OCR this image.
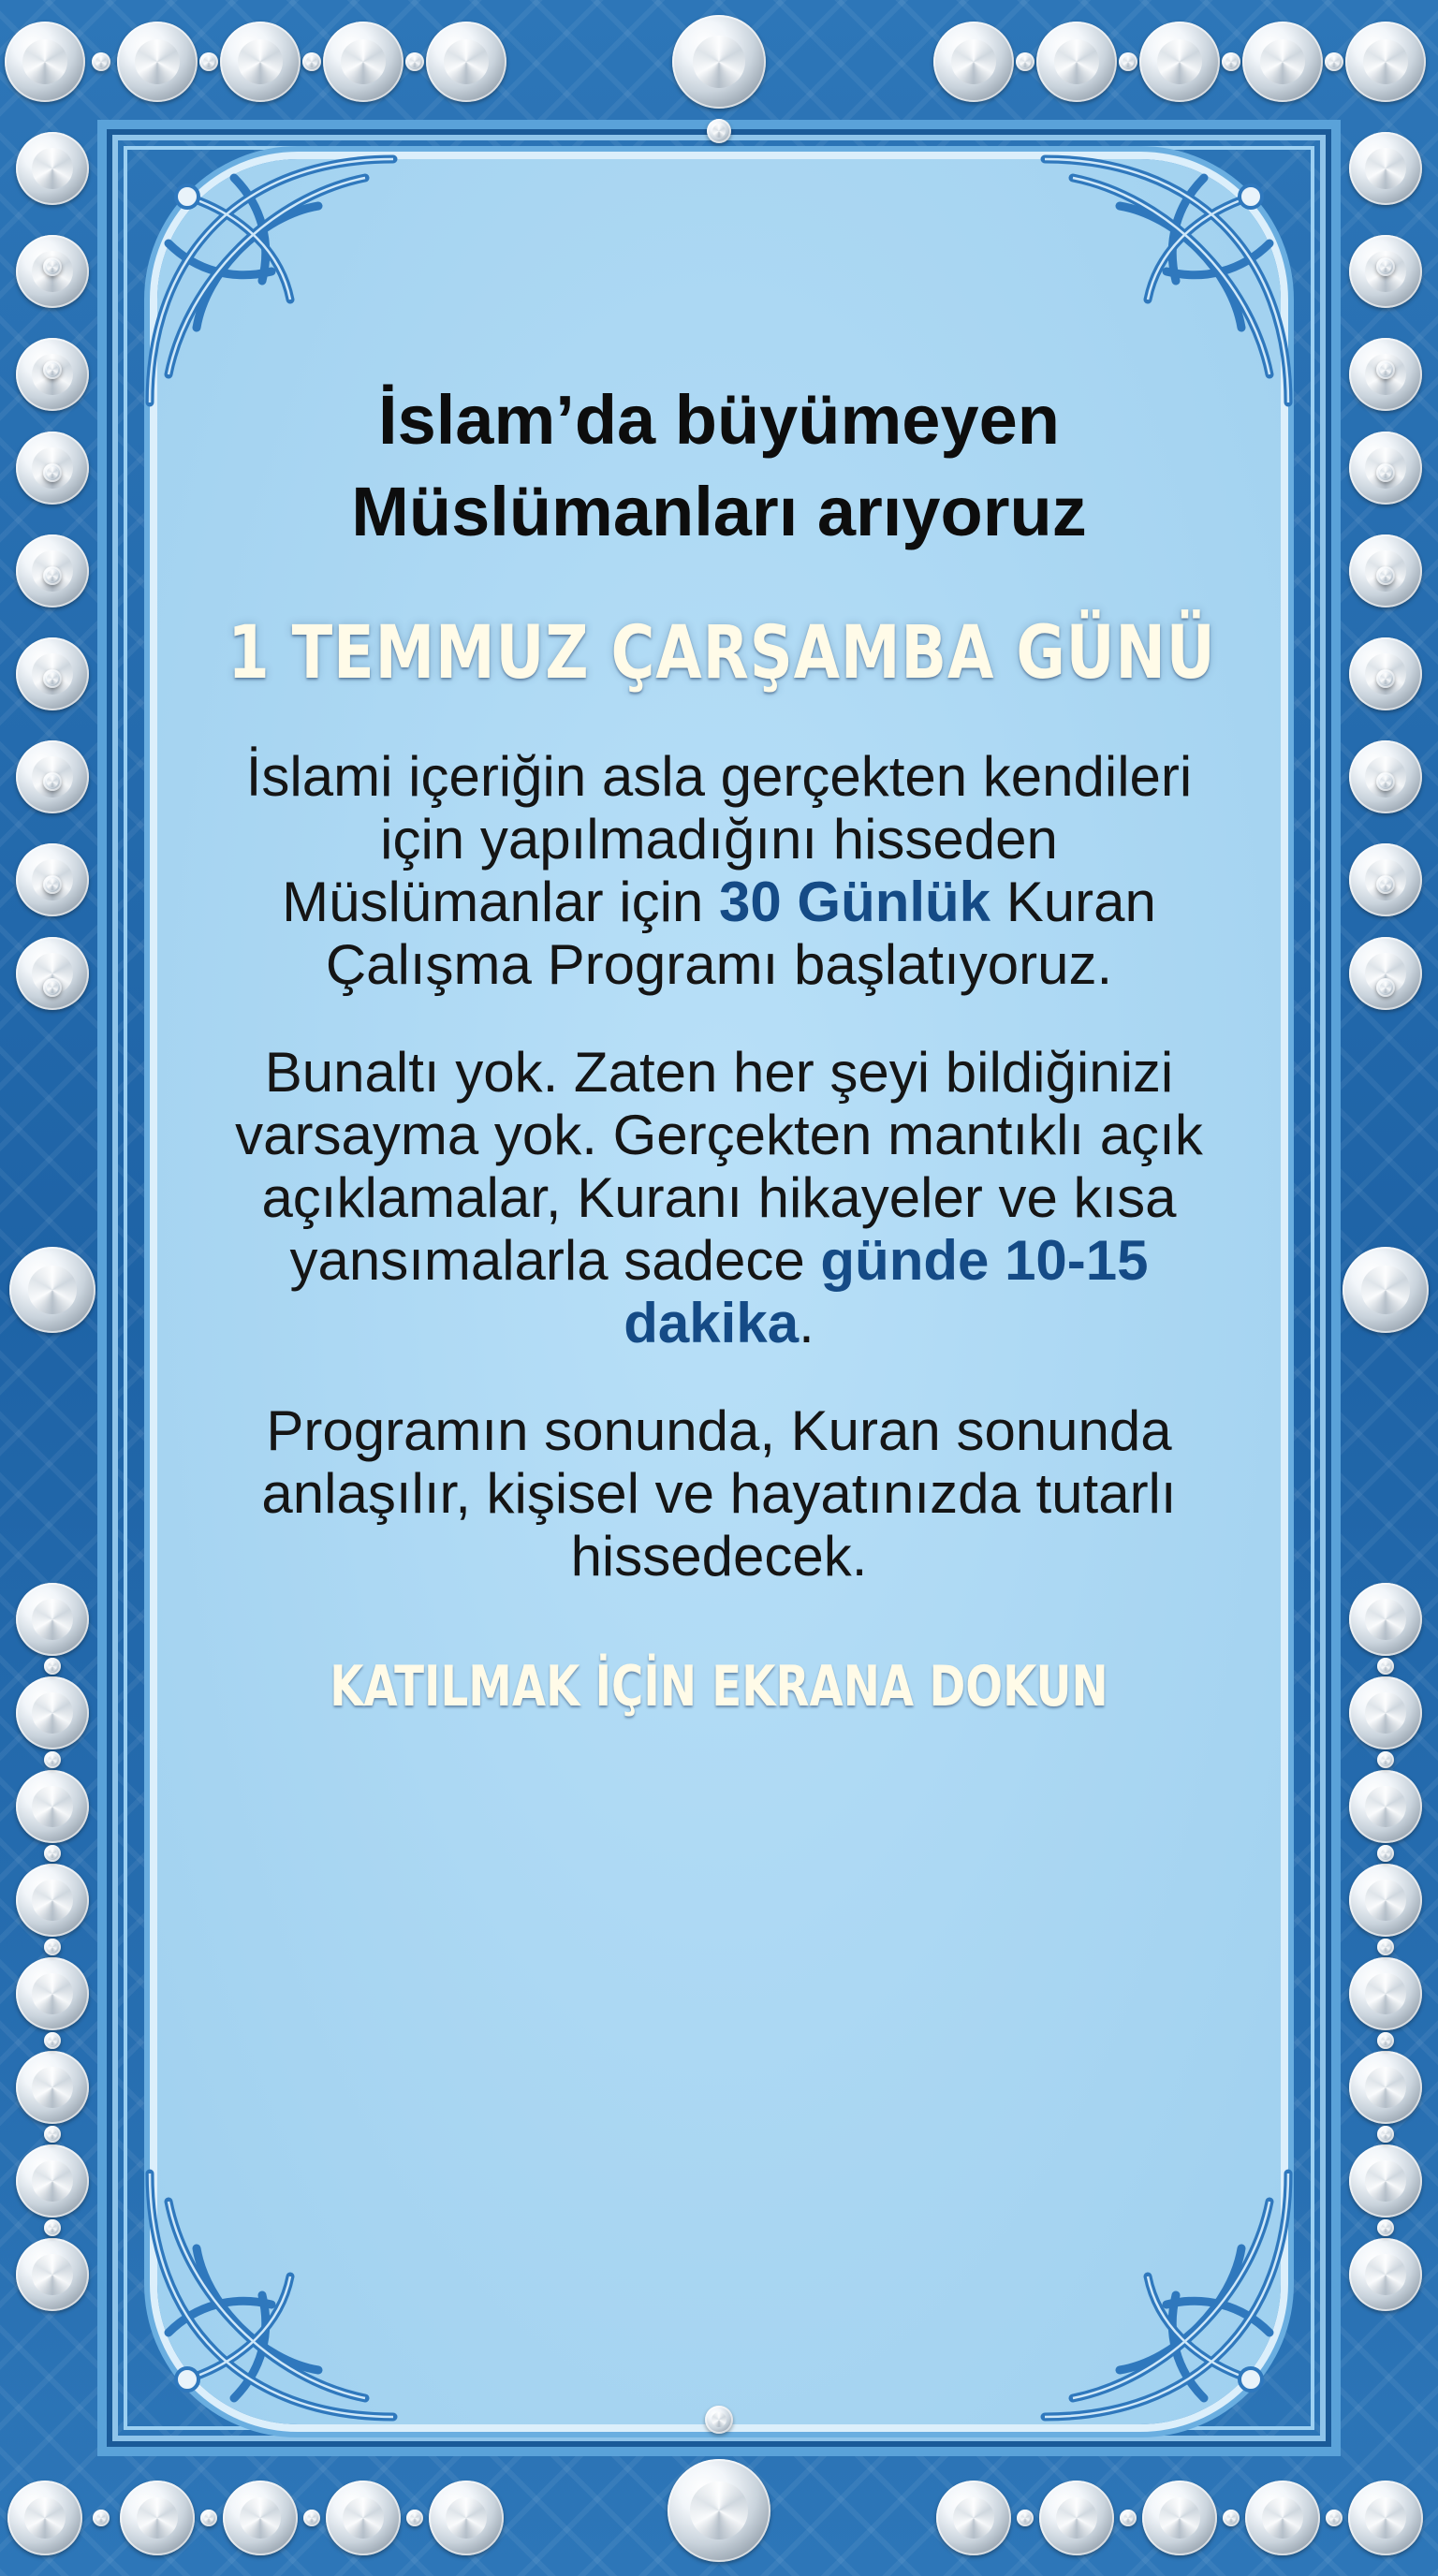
İslam’da büyümeyen
Müslümanları arıyoruz
1 TEMMUZ ÇARŞAMBA GÜNÜ

İslami içeriğin asla gerçekten kendileri için yapılmadığını hisseden Müslümanlar için 30 Günlük Kuran Çalışma Programı başlatıyoruz.

Bunaltı yok. Zaten her şeyi bildiğinizi varsayma yok. Gerçekten mantıklı açık açıklamalar, Kuranı hikayeler ve kısa yansımalarla sadece günde 10-15 dakika.

Programın sonunda, Kuran sonunda anlaşılır, kişisel ve hayatınızda tutarlı hissedecek.

KATILMAK İÇİN EKRANA DOKUN
